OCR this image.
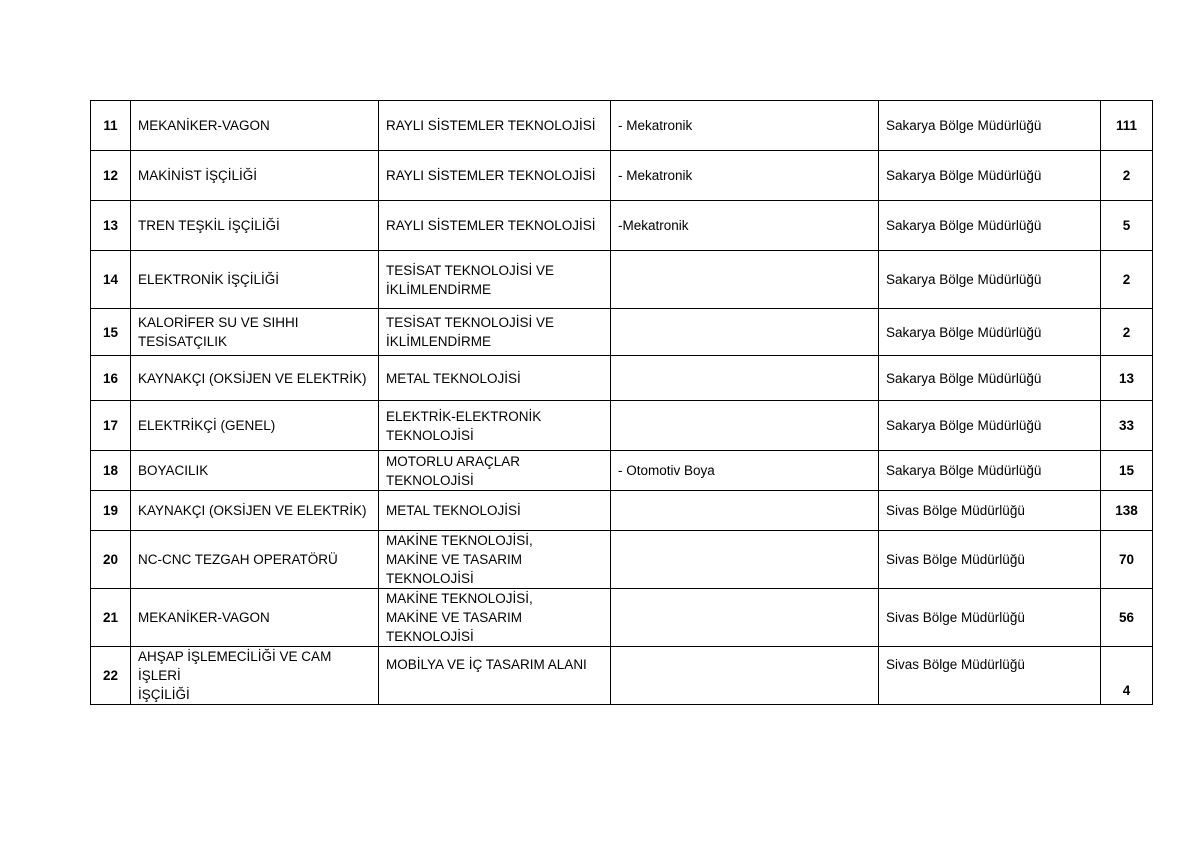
11	MEKANİKER-VAGON	RAYLI SİSTEMLER TEKNOLOJİSİ	- Mekatronik	Sakarya Bölge Müdürlüğü	111
12	MAKİNİST İŞÇİLİĞİ	RAYLI SİSTEMLER TEKNOLOJİSİ	- Mekatronik	Sakarya Bölge Müdürlüğü	2
13	TREN TEŞKİL İŞÇİLİĞİ	RAYLI SİSTEMLER TEKNOLOJİSİ	-Mekatronik	Sakarya Bölge Müdürlüğü	5
14	ELEKTRONİK İŞÇİLİĞİ	TESİSAT TEKNOLOJİSİ VE
İKLİMLENDİRME		Sakarya Bölge Müdürlüğü	2
15	KALORİFER SU VE SIHHI
TESİSATÇILIK	TESİSAT TEKNOLOJİSİ VE
İKLİMLENDİRME		Sakarya Bölge Müdürlüğü	2
16	KAYNAKÇI (OKSİJEN VE ELEKTRİK)	METAL TEKNOLOJİSİ		Sakarya Bölge Müdürlüğü	13
17	ELEKTRİKÇİ (GENEL)	ELEKTRİK-ELEKTRONİK
TEKNOLOJİSİ		Sakarya Bölge Müdürlüğü	33
18	BOYACILIK	MOTORLU ARAÇLAR TEKNOLOJİSİ	- Otomotiv Boya	Sakarya Bölge Müdürlüğü	15
19	KAYNAKÇI (OKSİJEN VE ELEKTRİK)	METAL TEKNOLOJİSİ		Sivas Bölge Müdürlüğü	138
20	NC-CNC TEZGAH OPERATÖRÜ	MAKİNE TEKNOLOJİSİ,
MAKİNE VE TASARIM
TEKNOLOJİSİ		Sivas Bölge Müdürlüğü	70
21	MEKANİKER-VAGON	MAKİNE TEKNOLOJİSİ,
MAKİNE VE TASARIM
TEKNOLOJİSİ		Sivas Bölge Müdürlüğü	56
22	AHŞAP İŞLEMECİLİĞİ VE CAM İŞLERİ
İŞÇİLİĞİ	MOBİLYA VE İÇ TASARIM ALANI		Sivas Bölge Müdürlüğü	4
